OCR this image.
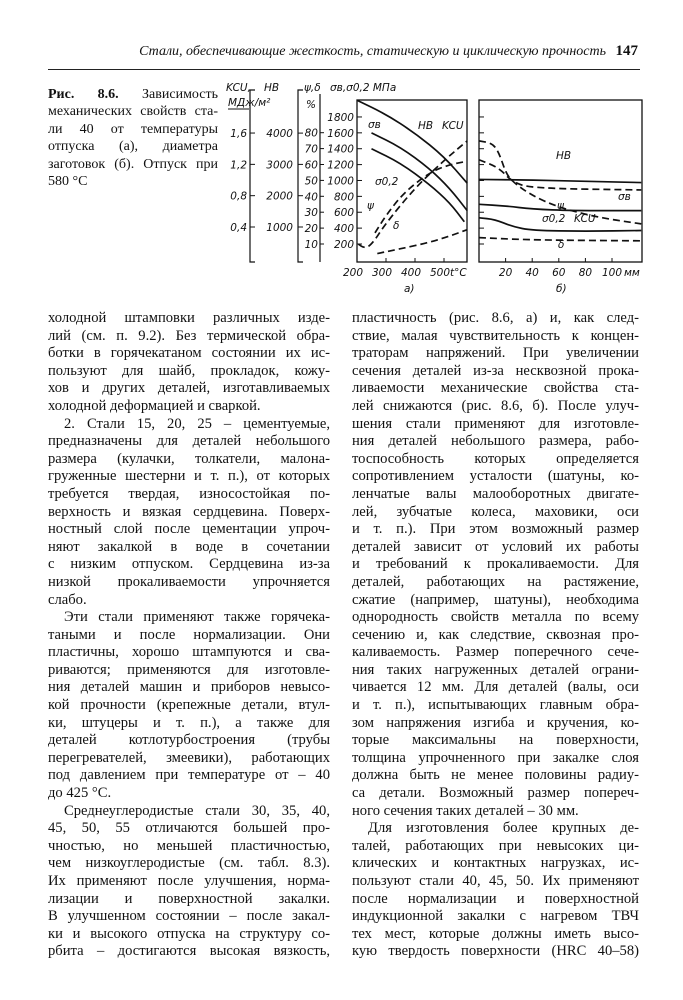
Стали, обеспечивающие жесткость, статическую и циклическую прочность 147
Рис. 8.6. Зависимость
механических свойств ста-
ли 40 от температуры
отпуска (а), диаметра
заготовок (б). Отпуск при
580 °С
1,6
1,2
0,8
0,4
4000
3000
2000
1000
80
70
60
50
40
30
20
10
1800
1600
1400
1200
1000
800
600
400
200
KCU,
МДж/м²
HB ψ,δ
%
σв,σ0,2 МПа
200 300 400 500 t°C	20 40 60 80 100 мм
а)	б)
HB
σв
σ0,2
KCU
ψ
δ
HB
KCU
ψ
σв
σ0,2
δ
холодной штамповки различных изде-
лий (см. п. 9.2). Без термической обра-
ботки в горячекатаном состоянии их ис-
пользуют для шайб, прокладок, кожу-
хов и других деталей, изготавливаемых
холодной деформацией и сваркой.
2. Стали 15, 20, 25 – цементуемые,
предназначены для деталей небольшого
размера (кулачки, толкатели, малона-
груженные шестерни и т. п.), от которых
требуется твердая, износостойкая по-
верхность и вязкая сердцевина. Поверх-
ностный слой после цементации упроч-
няют закалкой в воде в сочетании
с низким отпуском. Сердцевина из-за
низкой прокаливаемости упрочняется
слабо.
Эти стали применяют также горячека-
таными и после нормализации. Они
пластичны, хорошо штампуются и сва-
риваются; применяются для изготовле-
ния деталей машин и приборов невысо-
кой прочности (крепежные детали, втул-
ки, штуцеры и т. п.), а также для
деталей котлотурбостроения (трубы
перегревателей, змеевики), работающих
под давлением при температуре от – 40
до 425 °С.
Среднеуглеродистые стали 30, 35, 40,
45, 50, 55 отличаются большей про-
чностью, но меньшей пластичностью,
чем низкоуглеродистые (см. табл. 8.3).
Их применяют после улучшения, норма-
лизации и поверхностной закалки.
В улучшенном состоянии – после закал-
ки и высокого отпуска на структуру со-
рбита – достигаются высокая вязкость,
пластичность (рис. 8.6, а) и, как след-
ствие, малая чувствительность к концен-
траторам напряжений. При увеличении
сечения деталей из-за несквозной прока-
ливаемости механические свойства ста-
лей снижаются (рис. 8.6, б). После улуч-
шения стали применяют для изготовле-
ния деталей небольшого размера, рабо-
тоспособность которых определяется
сопротивлением усталости (шатуны, ко-
ленчатые валы малооборотных двигате-
лей, зубчатые колеса, маховики, оси
и т. п.). При этом возможный размер
деталей зависит от условий их работы
и требований к прокаливаемости. Для
деталей, работающих на растяжение,
сжатие (например, шатуны), необходима
однородность свойств металла по всему
сечению и, как следствие, сквозная про-
каливаемость. Размер поперечного сече-
ния таких нагруженных деталей ограни-
чивается 12 мм. Для деталей (валы, оси
и т. п.), испытывающих главным обра-
зом напряжения изгиба и кручения, ко-
торые максимальны на поверхности,
толщина упрочненного при закалке слоя
должна быть не менее половины радиу-
са детали. Возможный размер попереч-
ного сечения таких деталей – 30 мм.
Для изготовления более крупных де-
талей, работающих при невысоких ци-
клических и контактных нагрузках, ис-
пользуют стали 40, 45, 50. Их применяют
после нормализации и поверхностной
индукционной закалки с нагревом ТВЧ
тех мест, которые должны иметь высо-
кую твердость поверхности (HRC 40–58)
